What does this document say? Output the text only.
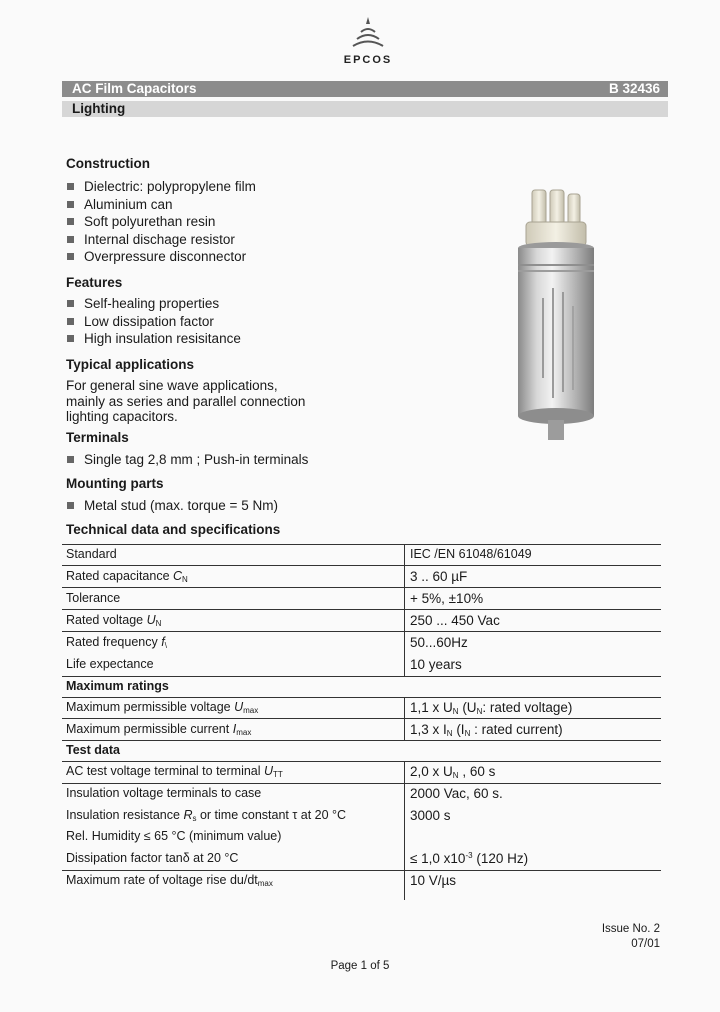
EPCOS
AC Film Capacitors	B 32436
Lighting
Construction
Dielectric: polypropylene film
Aluminium can
Soft polyurethan resin
Internal dischage resistor
Overpressure disconnector
Features
Self-healing properties
Low dissipation factor
High insulation resisitance
Typical applications
For general sine wave applications,
mainly as series and parallel connection
lighting capacitors.
Terminals
Single tag 2,8 mm ; Push-in terminals
Mounting parts
Metal stud (max. torque = 5 Nm)
Technical data and specifications
Standard	IEC /EN 61048/61049
Rated capacitance $C_N$	3 .. 60 µF
Tolerance	+ 5%, ±10%
Rated voltage $U_N$	250 ... 450 Vac
Rated frequency $f_\backslash$	50...60Hz
Life expectance	10 years
Maximum ratings
Maximum permissible voltage $U_{max}$	1,1 x $U_N$ ($U_N$: rated voltage)
Maximum permissible current $I_{max}$	1,3 x $I_N$ ($I_N$ : rated current)
Test data
AC test voltage terminal to terminal $U_{TT}$	2,0 x $U_N$ , 60 s
Insulation voltage terminals to case	2000 Vac, 60 s.
Insulation resistance $R_s$ or time constant τ at 20 °C	3000 s
Rel. Humidity ≤ 65 °C (minimum value)
Dissipation factor tanδ at 20 °C	≤ 1,0 $x10^{-3}$ (120 Hz)
Maximum rate of voltage rise $du/dt_{max}$	10 V/µs
Issue No. 2
07/01
Page 1 of 5
